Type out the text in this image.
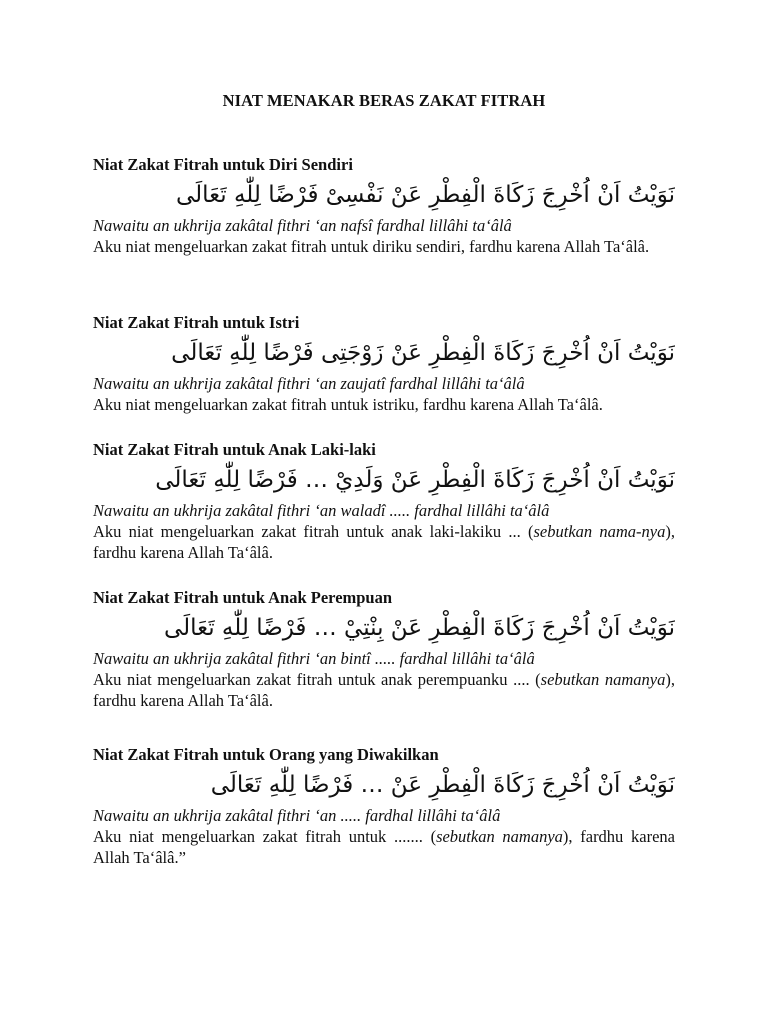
NIAT MENAKAR BERAS ZAKAT FITRAH
Niat Zakat Fitrah untuk Diri Sendiri
نَوَيْتُ اَنْ اُخْرِجَ زَكَاةَ الْفِطْرِ عَنْ نَفْسِىْ فَرْضًا لِلّٰهِ تَعَالَى
Nawaitu an ukhrija zakâtal fithri ‘an nafsî fardhal lillâhi ta‘âlâ
Aku niat mengeluarkan zakat fitrah untuk diriku sendiri, fardhu karena Allah Ta‘âlâ.
Niat Zakat Fitrah untuk Istri
نَوَيْتُ اَنْ اُخْرِجَ زَكَاةَ الْفِطْرِ عَنْ زَوْجَتِى فَرْضًا لِلّٰهِ تَعَالَى
Nawaitu an ukhrija zakâtal fithri ‘an zaujatî fardhal lillâhi ta‘âlâ
Aku niat mengeluarkan zakat fitrah untuk istriku, fardhu karena Allah Ta‘âlâ.
Niat Zakat Fitrah untuk Anak Laki-laki
نَوَيْتُ اَنْ اُخْرِجَ زَكَاةَ الْفِطْرِ عَنْ وَلَدِيْ … فَرْضًا لِلّٰهِ تَعَالَى
Nawaitu an ukhrija zakâtal fithri ‘an waladî ..... fardhal lillâhi ta‘âlâ
Aku niat mengeluarkan zakat fitrah untuk anak laki-lakiku ... (sebutkan nama-nya), fardhu karena Allah Ta‘âlâ.
Niat Zakat Fitrah untuk Anak Perempuan
نَوَيْتُ اَنْ اُخْرِجَ زَكَاةَ الْفِطْرِ عَنْ بِنْتِيْ … فَرْضًا لِلّٰهِ تَعَالَى
Nawaitu an ukhrija zakâtal fithri ‘an bintî ..... fardhal lillâhi ta‘âlâ
Aku niat mengeluarkan zakat fitrah untuk anak perempuanku .... (sebutkan namanya), fardhu karena Allah Ta‘âlâ.
Niat Zakat Fitrah untuk Orang yang Diwakilkan
نَوَيْتُ اَنْ اُخْرِجَ زَكَاةَ الْفِطْرِ عَنْ … فَرْضًا لِلّٰهِ تَعَالَى
Nawaitu an ukhrija zakâtal fithri ‘an ..... fardhal lillâhi ta‘âlâ
Aku niat mengeluarkan zakat fitrah untuk ....... (sebutkan namanya), fardhu karena Allah Ta‘âlâ.”
